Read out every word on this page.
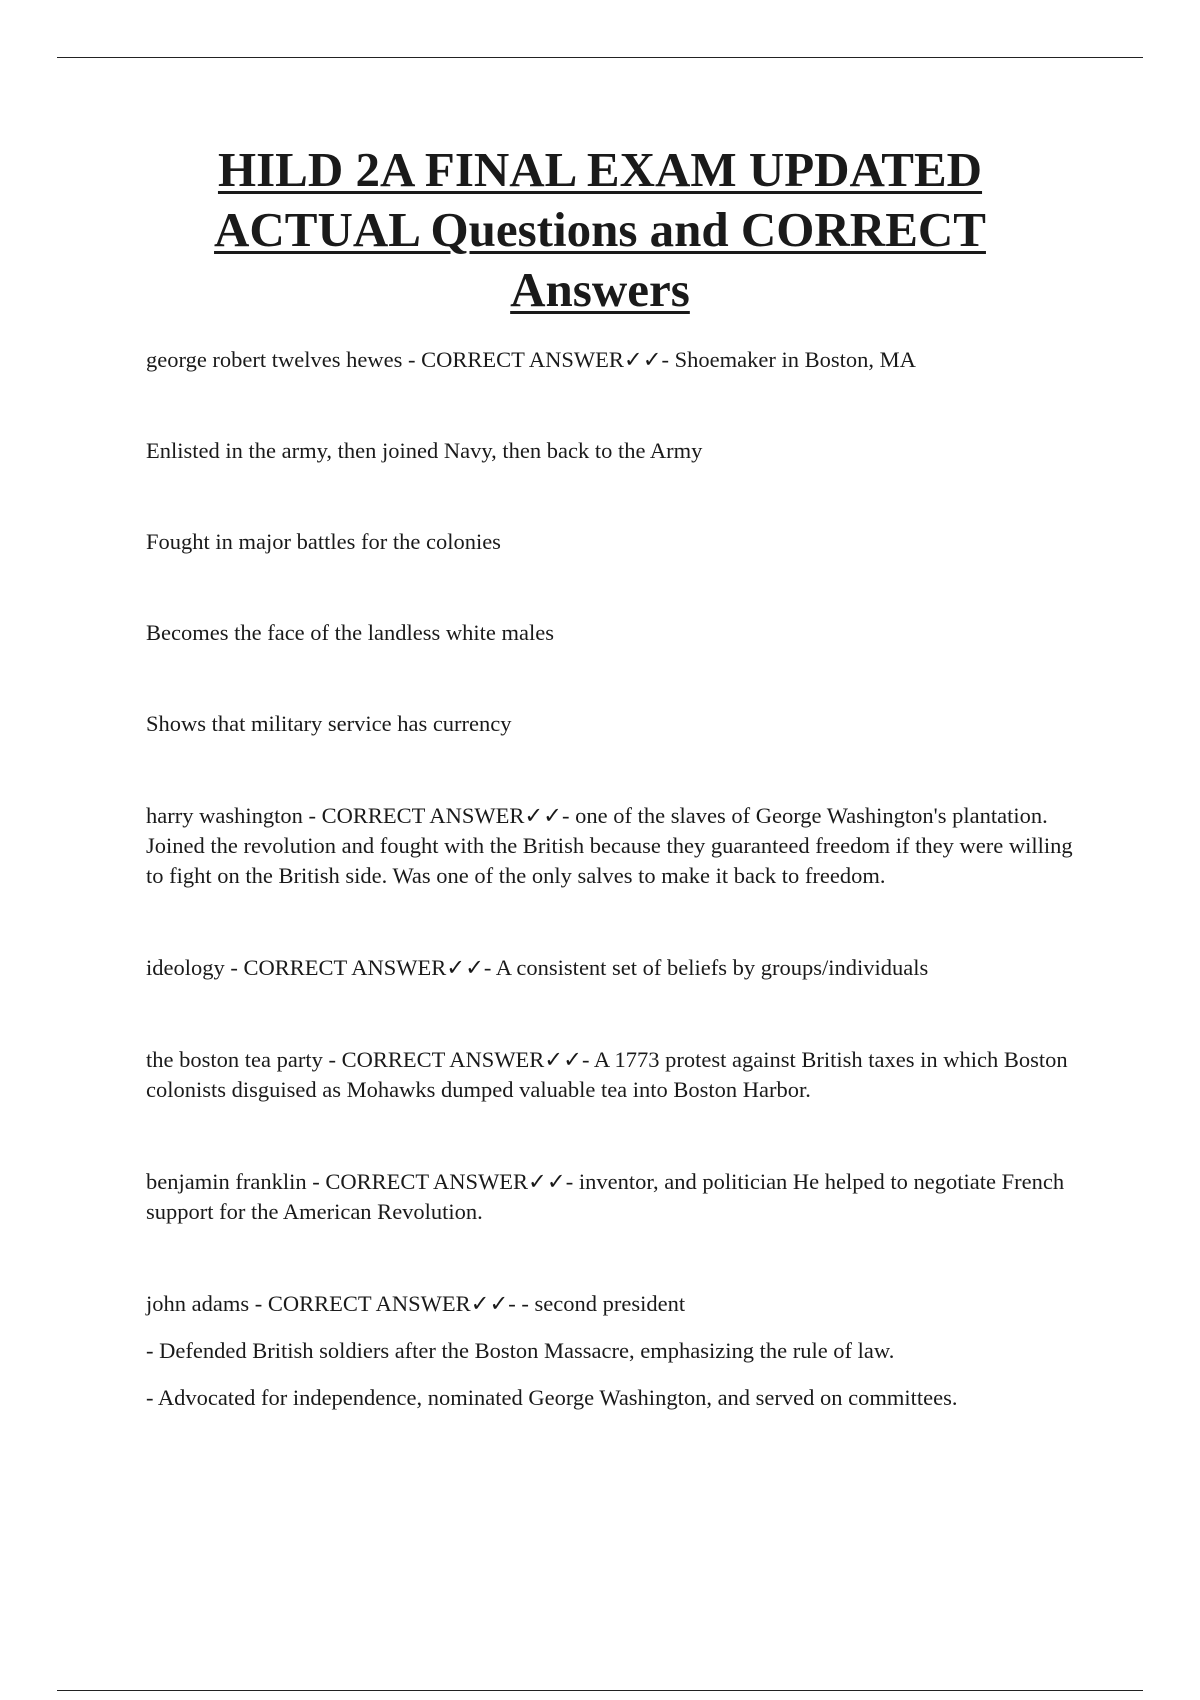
HILD 2A FINAL EXAM UPDATED
ACTUAL Questions and CORRECT
Answers

george robert twelves hewes - CORRECT ANSWER✓✓- Shoemaker in Boston, MA

Enlisted in the army, then joined Navy, then back to the Army

Fought in major battles for the colonies

Becomes the face of the landless white males

Shows that military service has currency

harry washington - CORRECT ANSWER✓✓- one of the slaves of George Washington's plantation. Joined the revolution and fought with the British because they guaranteed freedom if they were willing to fight on the British side. Was one of the only salves to make it back to freedom.

ideology - CORRECT ANSWER✓✓- A consistent set of beliefs by groups/individuals

the boston tea party - CORRECT ANSWER✓✓- A 1773 protest against British taxes in which Boston colonists disguised as Mohawks dumped valuable tea into Boston Harbor.

benjamin franklin - CORRECT ANSWER✓✓- inventor, and politician He helped to negotiate French support for the American Revolution.

john adams - CORRECT ANSWER✓✓- - second president

- Defended British soldiers after the Boston Massacre, emphasizing the rule of law.

- Advocated for independence, nominated George Washington, and served on committees.
